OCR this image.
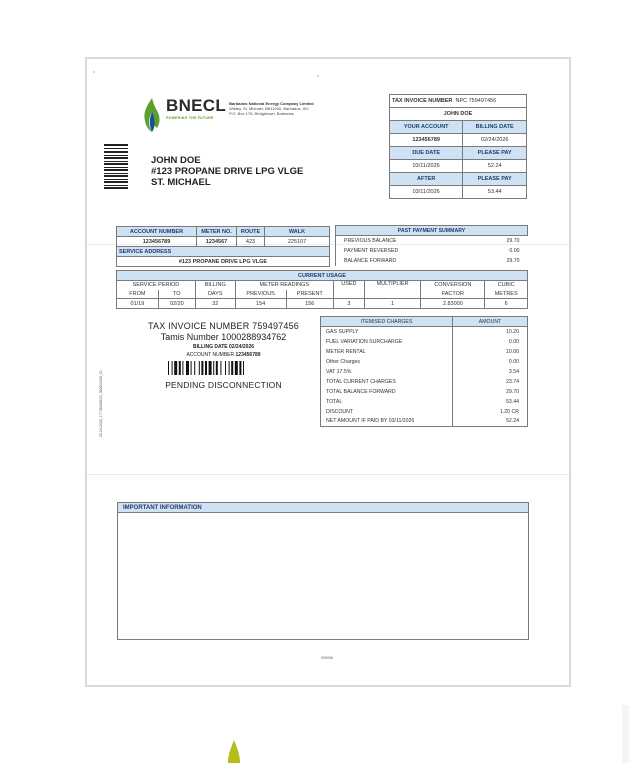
BNECL
POWERING THE FUTURE
Barbados National Energy Company Limited
Wildey, St. Michael, BB11000, Barbados, W.I.
P.O. Box 175, Bridgetown, Barbados
JOHN DOE
#123 PROPANE DRIVE LPG VLGE
ST. MICHAEL
TAX INVOICE NUMBER NPC 759497456	
JOHN DOE	
YOUR ACCOUNT	BILLING DATE
123456789	02/24/2026
DUE DATE	PLEASE PAY
03/11/2026	52.24
AFTER	PLEASE PAY
03/11/2026	53.44
ACCOUNT NUMBER	METER NO.	ROUTE	WALK
123456789	1234567	423	225107
SERVICE ADDRESS			
#123 PROPANE DRIVE LPG VLGE			
PAST PAYMENT SUMMARY	
PREVIOUS BALANCE	29.70
PAYMENT REVERSED	0.00
BALANCE FORWARD	29.70
CURRENT USAGE								
SERVICE PERIOD		BILLING	METER READINGS		USED	MULTIPLIER	CONVERSION	CUBIC
FROM	TO	DAYS	PREVIOUS	PRESENT			FACTOR	METRES
01/19	02/20	32	154	156	3	1	2.83000	6
TAX INVOICE NUMBER 759497456
Tamis Number 1000288934762
BILLING DATE 02/24/2026
ACCOUNT NUMBER 123456789
PENDING DISCONNECTION
02-24-2026_1773803482S_060000406_01
ITEMISED CHARGES	AMOUNT
GAS SUPPLY	10.20
FUEL VARIATION SURCHARGE	0.00
METER RENTAL	10.00
Other Charges	0.00
VAT 17.5%	3.54
TOTAL CURRENT CHARGES	23.74
TOTAL BALANCE FORWARD	29.70
TOTAL	53.44
DISCOUNT	1.20 CR
NET AMOUNT IF PAID BY 03/11/2026	52.24
IMPORTANT INFORMATION
000006
